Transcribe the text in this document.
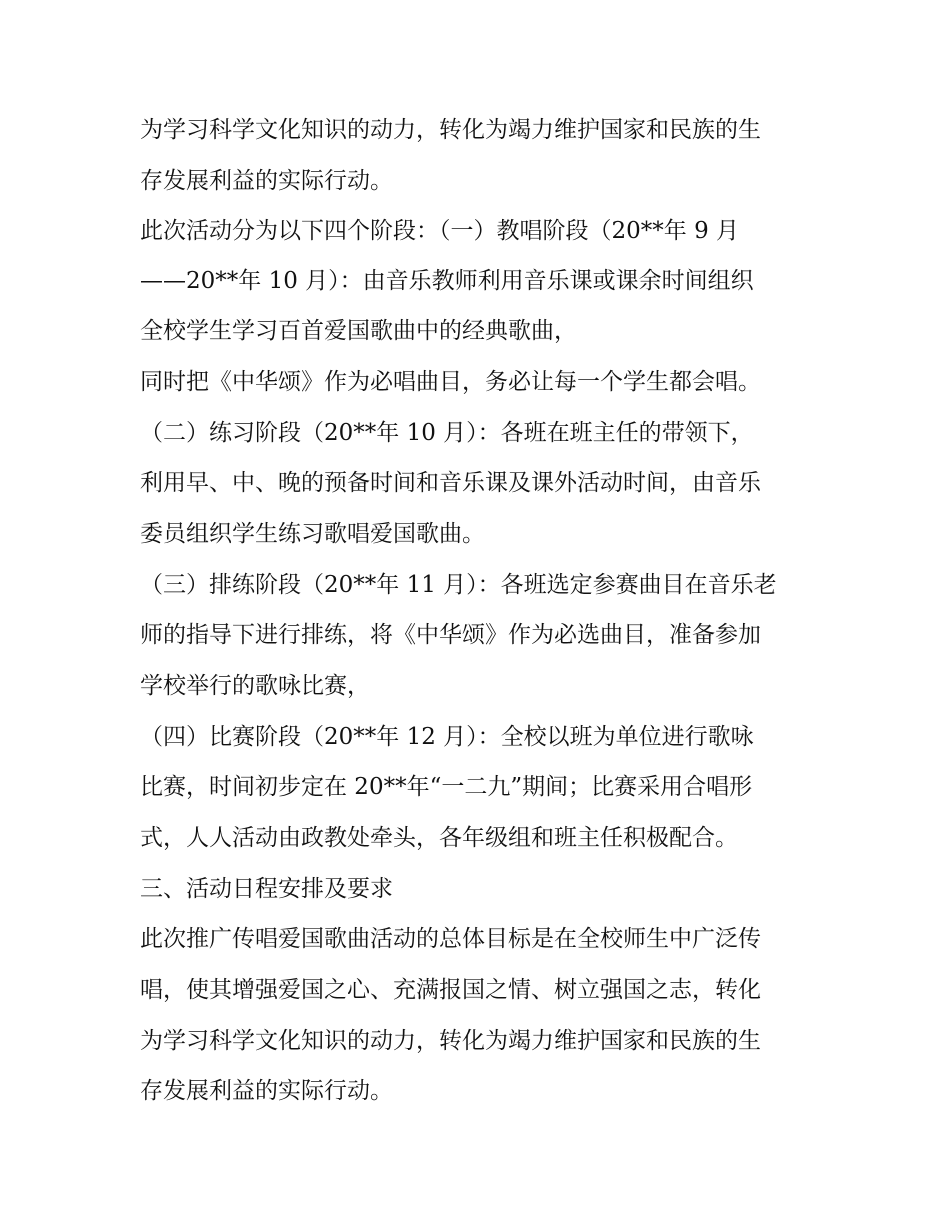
为学习科学文化知识的动力，转化为竭力维护国家和民族的生

存发展利益的实际行动。

此次活动分为以下四个阶段：（一）教唱阶段（20**年 9 月

——20**年 10 月）：由音乐教师利用音乐课或课余时间组织

全校学生学习百首爱国歌曲中的经典歌曲，

同时把《中华颂》作为必唱曲目，务必让每一个学生都会唱。

（二）练习阶段（20**年 10 月）：各班在班主任的带领下，

利用早、中、晚的预备时间和音乐课及课外活动时间，由音乐

委员组织学生练习歌唱爱国歌曲。

（三）排练阶段（20**年 11 月）：各班选定参赛曲目在音乐老

师的指导下进行排练，将《中华颂》作为必选曲目，准备参加

学校举行的歌咏比赛，

（四）比赛阶段（20**年 12 月）：全校以班为单位进行歌咏

比赛，时间初步定在 20**年“一二九”期间；比赛采用合唱形

式，人人活动由政教处牵头，各年级组和班主任积极配合。

三、活动日程安排及要求

此次推广传唱爱国歌曲活动的总体目标是在全校师生中广泛传

唱，使其增强爱国之心、充满报国之情、树立强国之志，转化

为学习科学文化知识的动力，转化为竭力维护国家和民族的生

存发展利益的实际行动。
